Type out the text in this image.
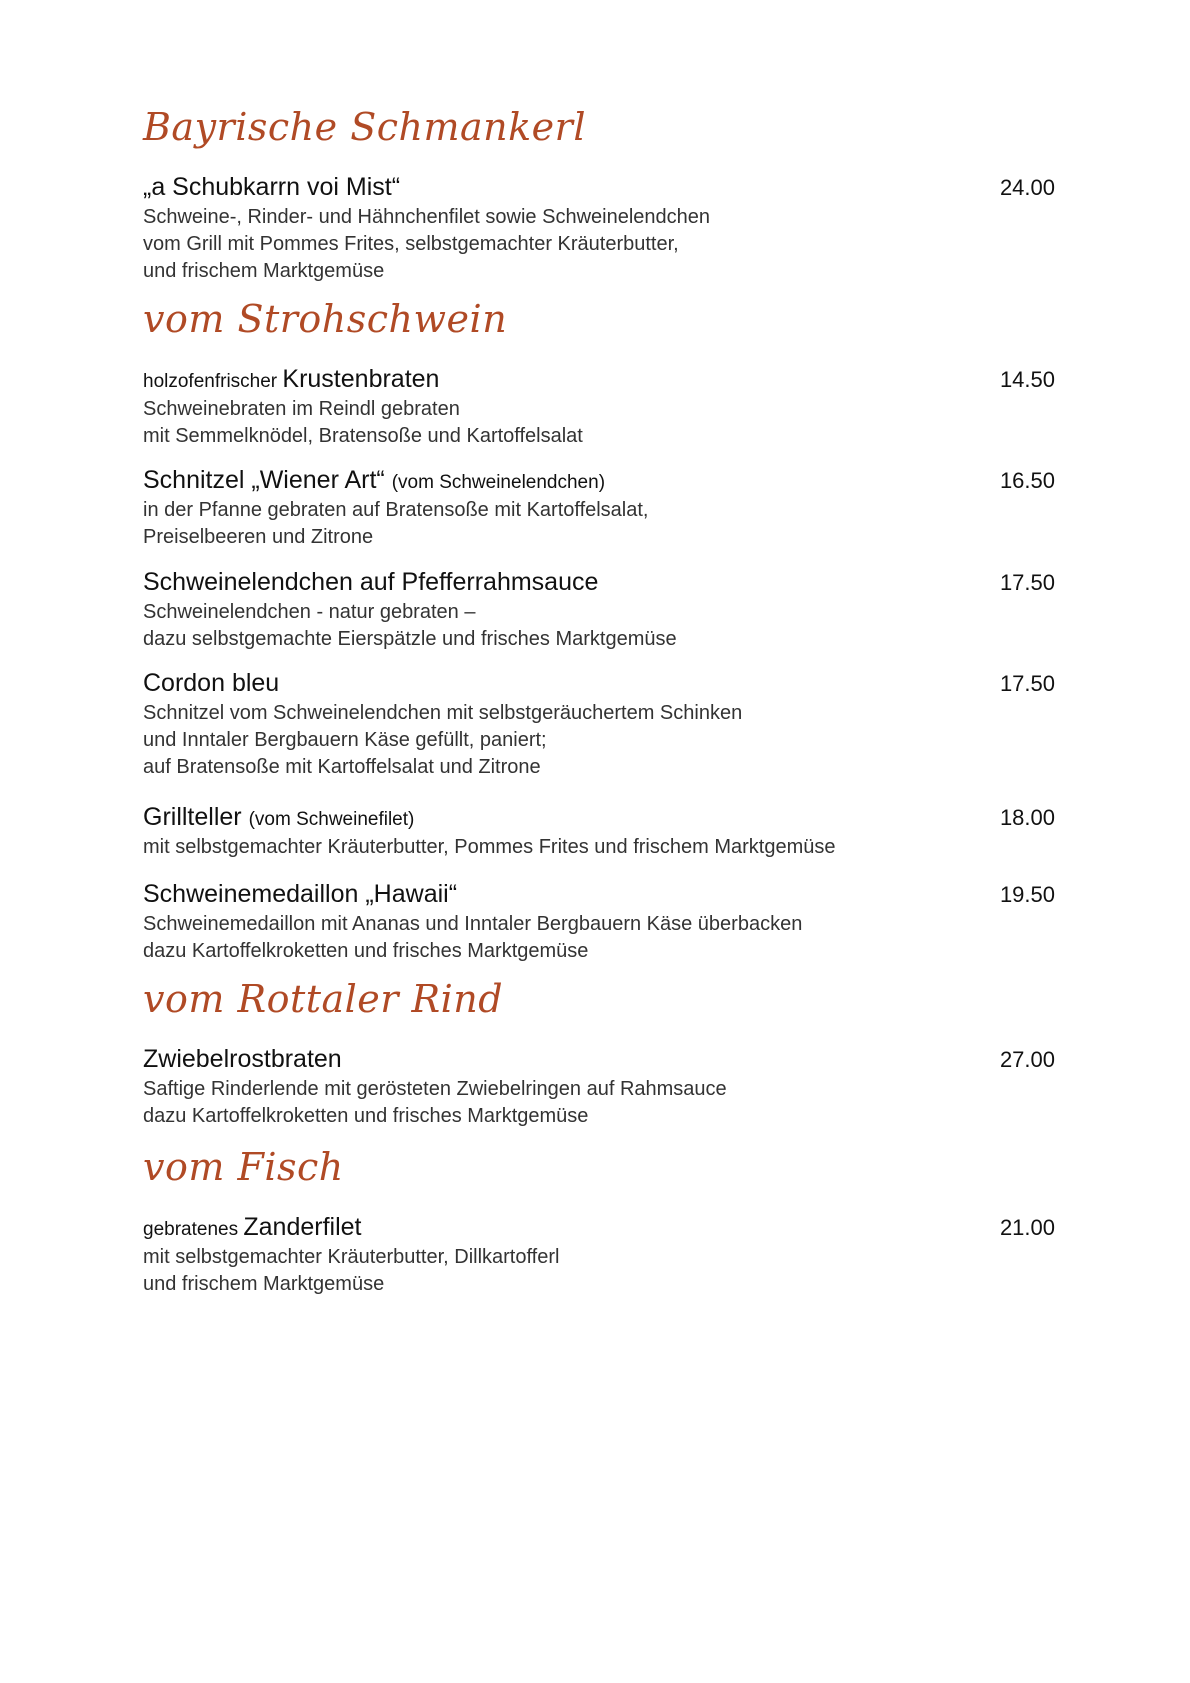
Bayrische Schmankerl
„a Schubkarrn voi Mist“	24.00
Schweine-, Rinder- und Hähnchenfilet sowie Schweinelendchen
vom Grill mit Pommes Frites, selbstgemachter Kräuterbutter,
und frischem Marktgemüse
vom Strohschwein
holzofenfrischer Krustenbraten	14.50
Schweinebraten im Reindl gebraten
mit Semmelknödel, Bratensoße und Kartoffelsalat
Schnitzel „Wiener Art“ (vom Schweinelendchen)	16.50
in der Pfanne gebraten auf Bratensoße mit Kartoffelsalat,
Preiselbeeren und Zitrone
Schweinelendchen auf Pfefferrahmsauce	17.50
Schweinelendchen - natur gebraten –
dazu selbstgemachte Eierspätzle und frisches Marktgemüse
Cordon bleu	17.50
Schnitzel vom Schweinelendchen mit selbstgeräuchertem Schinken
und Inntaler Bergbauern Käse gefüllt, paniert;
auf Bratensoße mit Kartoffelsalat und Zitrone
Grillteller (vom Schweinefilet)	18.00
mit selbstgemachter Kräuterbutter, Pommes Frites und frischem Marktgemüse
Schweinemedaillon „Hawaii“	19.50
Schweinemedaillon mit Ananas und Inntaler Bergbauern Käse überbacken
dazu Kartoffelkroketten und frisches Marktgemüse
vom Rottaler Rind
Zwiebelrostbraten	27.00
Saftige Rinderlende mit gerösteten Zwiebelringen auf Rahmsauce
dazu Kartoffelkroketten und frisches Marktgemüse
vom Fisch
gebratenes Zanderfilet	21.00
mit selbstgemachter Kräuterbutter, Dillkartofferl
und frischem Marktgemüse
